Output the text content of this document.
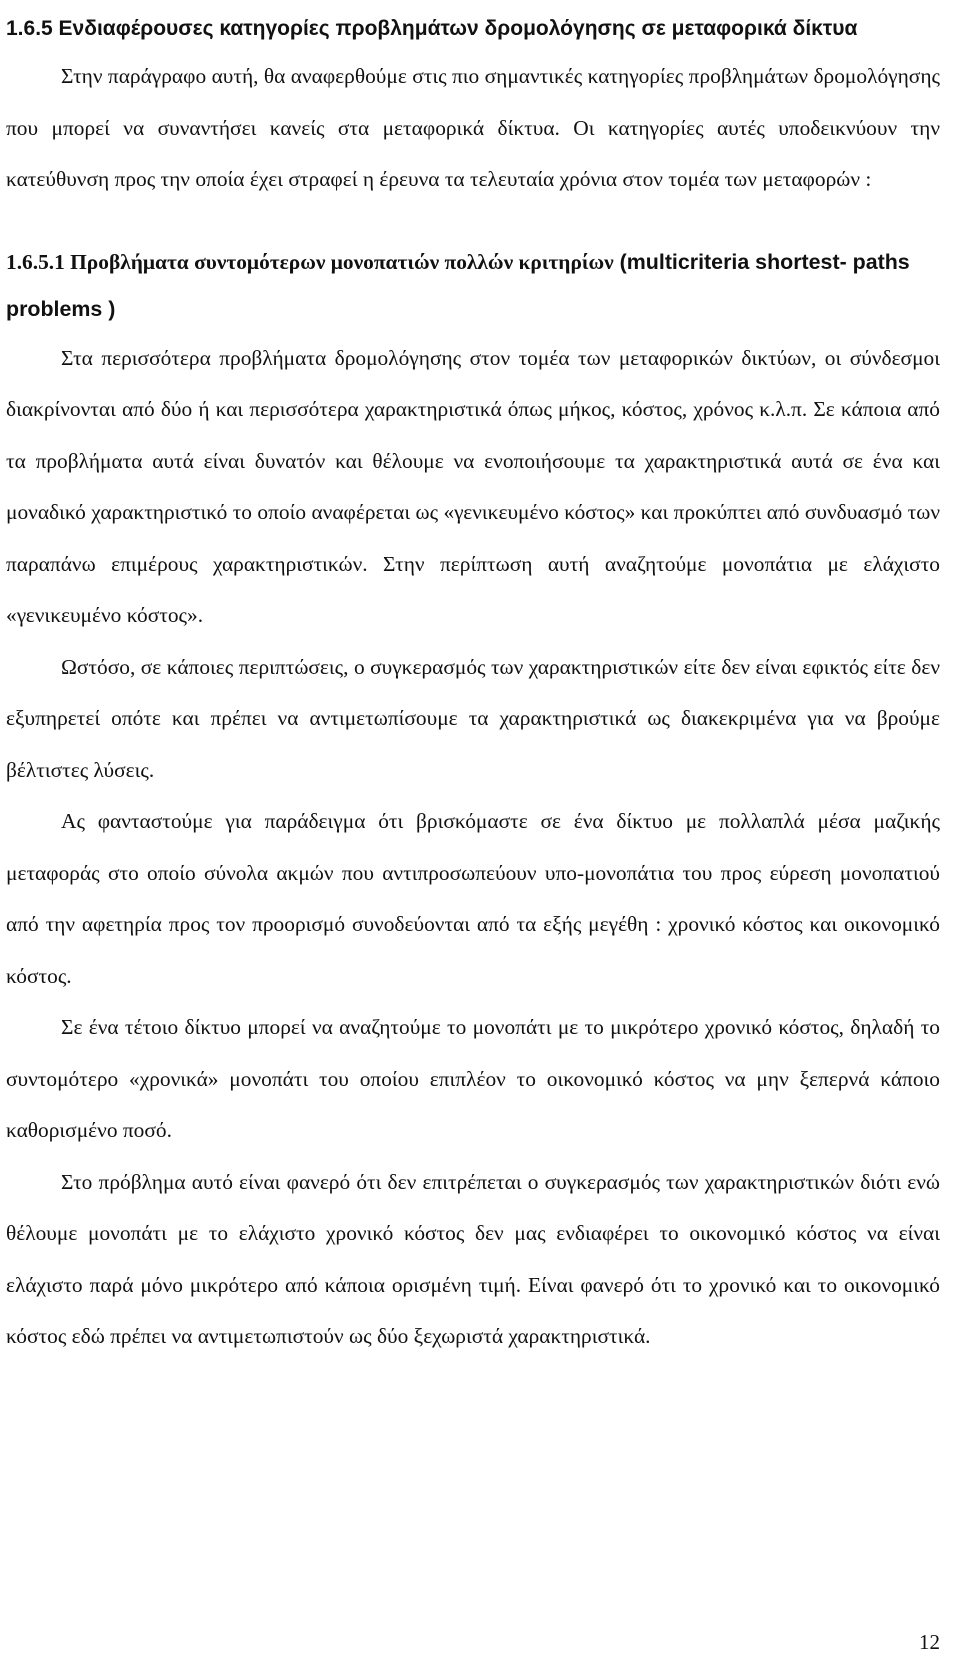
1.6.5 Ενδιαφέρουσες κατηγορίες προβλημάτων δρομολόγησης σε μεταφορικά δίκτυα

Στην παράγραφο αυτή, θα αναφερθούμε στις πιο σημαντικές κατηγορίες προβλημάτων δρομολόγησης που μπορεί να συναντήσει κανείς στα μεταφορικά δίκτυα. Οι κατηγορίες αυτές υποδεικνύουν την κατεύθυνση προς την οποία έχει στραφεί η έρευνα τα τελευταία χρόνια στον τομέα των μεταφορών :

1.6.5.1 Προβλήματα συντομότερων μονοπατιών πολλών κριτηρίων (multicriteria shortest- paths problems )

Στα περισσότερα προβλήματα δρομολόγησης στον τομέα των μεταφορικών δικτύων, οι σύνδεσμοι διακρίνονται από δύο ή και περισσότερα χαρακτηριστικά όπως μήκος, κόστος, χρόνος κ.λ.π. Σε κάποια από τα προβλήματα αυτά είναι δυνατόν και θέλουμε να ενοποιήσουμε τα χαρακτηριστικά αυτά σε ένα και μοναδικό χαρακτηριστικό το οποίο αναφέρεται ως «γενικευμένο κόστος» και προκύπτει από συνδυασμό των παραπάνω επιμέρους χαρακτηριστικών. Στην περίπτωση αυτή αναζητούμε μονοπάτια με ελάχιστο «γενικευμένο κόστος».

Ωστόσο, σε κάποιες περιπτώσεις, ο συγκερασμός των χαρακτηριστικών είτε δεν είναι εφικτός είτε δεν εξυπηρετεί οπότε και πρέπει να αντιμετωπίσουμε τα χαρακτηριστικά ως διακεκριμένα για να βρούμε βέλτιστες λύσεις.

Ας φανταστούμε για παράδειγμα ότι βρισκόμαστε σε ένα δίκτυο με πολλαπλά μέσα μαζικής μεταφοράς στο οποίο σύνολα ακμών που αντιπροσωπεύουν υπο-μονοπάτια του προς εύρεση μονοπατιού από την αφετηρία προς τον προορισμό συνοδεύονται από τα εξής μεγέθη : χρονικό κόστος και οικονομικό κόστος.

Σε ένα τέτοιο δίκτυο μπορεί να αναζητούμε το μονοπάτι με το μικρότερο χρονικό κόστος, δηλαδή το συντομότερο «χρονικά» μονοπάτι του οποίου επιπλέον το οικονομικό κόστος να μην ξεπερνά κάποιο καθορισμένο ποσό.

Στο πρόβλημα αυτό είναι φανερό ότι δεν επιτρέπεται ο συγκερασμός των χαρακτηριστικών διότι ενώ θέλουμε μονοπάτι με το ελάχιστο χρονικό κόστος δεν μας ενδιαφέρει το οικονομικό κόστος να είναι ελάχιστο παρά μόνο μικρότερο από κάποια ορισμένη τιμή. Είναι φανερό ότι το χρονικό και το οικονομικό κόστος εδώ πρέπει να αντιμετωπιστούν ως δύο ξεχωριστά χαρακτηριστικά.

12
